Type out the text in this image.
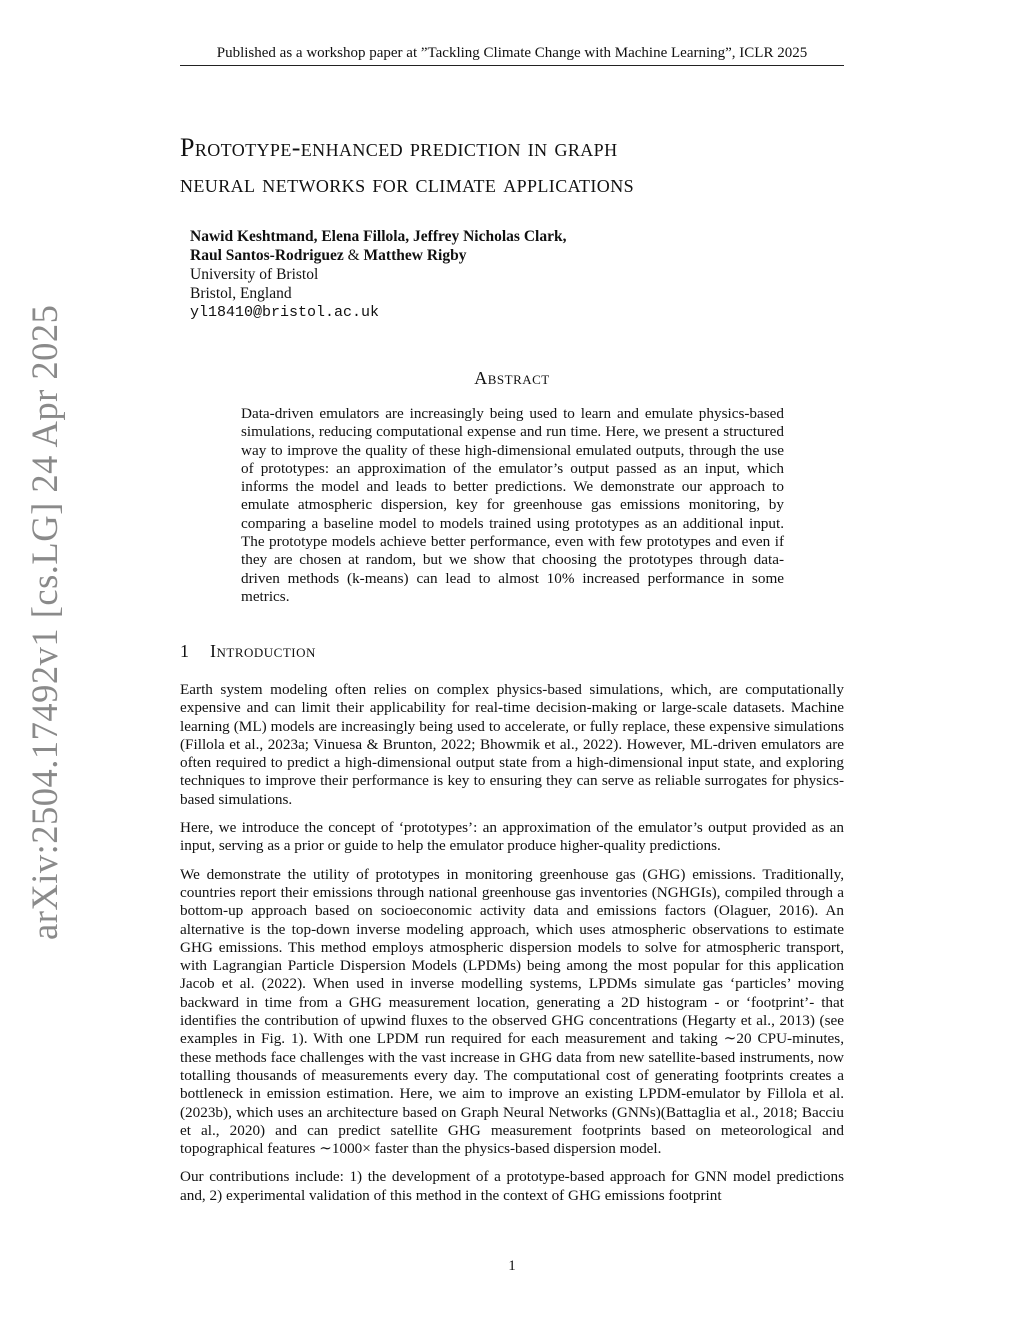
Published as a workshop paper at ”Tackling Climate Change with Machine Learning”, ICLR 2025
arXiv:2504.17492v1 [cs.LG] 24 Apr 2025
Prototype-enhanced prediction in graph
neural networks for climate applications
Nawid Keshtmand, Elena Fillola, Jeffrey Nicholas Clark,
Raul Santos-Rodriguez & Matthew Rigby
University of Bristol
Bristol, England
yl18410@bristol.ac.uk
Abstract
Data-driven emulators are increasingly being used to learn and emulate physics-based simulations, reducing computational expense and run time. Here, we present a structured way to improve the quality of these high-dimensional emulated outputs, through the use of prototypes: an approximation of the emulator’s output passed as an input, which informs the model and leads to better predictions. We demonstrate our approach to emulate atmospheric dispersion, key for greenhouse gas emissions monitoring, by comparing a baseline model to models trained using prototypes as an additional input. The prototype models achieve better performance, even with few prototypes and even if they are chosen at random, but we show that choosing the prototypes through data-driven methods (k-means) can lead to almost 10% increased performance in some metrics.
1 Introduction

Earth system modeling often relies on complex physics-based simulations, which, are computationally expensive and can limit their applicability for real-time decision-making or large-scale datasets. Machine learning (ML) models are increasingly being used to accelerate, or fully replace, these expensive simulations (Fillola et al., 2023a; Vinuesa & Brunton, 2022; Bhowmik et al., 2022). However, ML-driven emulators are often required to predict a high-dimensional output state from a high-dimensional input state, and exploring techniques to improve their performance is key to ensuring they can serve as reliable surrogates for physics-based simulations.

Here, we introduce the concept of ‘prototypes’: an approximation of the emulator’s output provided as an input, serving as a prior or guide to help the emulator produce higher-quality predictions.

We demonstrate the utility of prototypes in monitoring greenhouse gas (GHG) emissions. Traditionally, countries report their emissions through national greenhouse gas inventories (NGHGIs), compiled through a bottom-up approach based on socioeconomic activity data and emissions factors (Olaguer, 2016). An alternative is the top-down inverse modeling approach, which uses atmospheric observations to estimate GHG emissions. This method employs atmospheric dispersion models to solve for atmospheric transport, with Lagrangian Particle Dispersion Models (LPDMs) being among the most popular for this application Jacob et al. (2022). When used in inverse modelling systems, LPDMs simulate gas ‘particles’ moving backward in time from a GHG measurement location, generating a 2D histogram - or ‘footprint’- that identifies the contribution of upwind fluxes to the observed GHG concentrations (Hegarty et al., 2013) (see examples in Fig. 1). With one LPDM run required for each measurement and taking ∼20 CPU-minutes, these methods face challenges with the vast increase in GHG data from new satellite-based instruments, now totalling thousands of measurements every day. The computational cost of generating footprints creates a bottleneck in emission estimation. Here, we aim to improve an existing LPDM-emulator by Fillola et al. (2023b), which uses an architecture based on Graph Neural Networks (GNNs)(Battaglia et al., 2018; Bacciu et al., 2020) and can predict satellite GHG measurement footprints based on meteorological and topographical features ∼1000× faster than the physics-based dispersion model.

Our contributions include: 1) the development of a prototype-based approach for GNN model predictions and, 2) experimental validation of this method in the context of GHG emissions footprint

1
